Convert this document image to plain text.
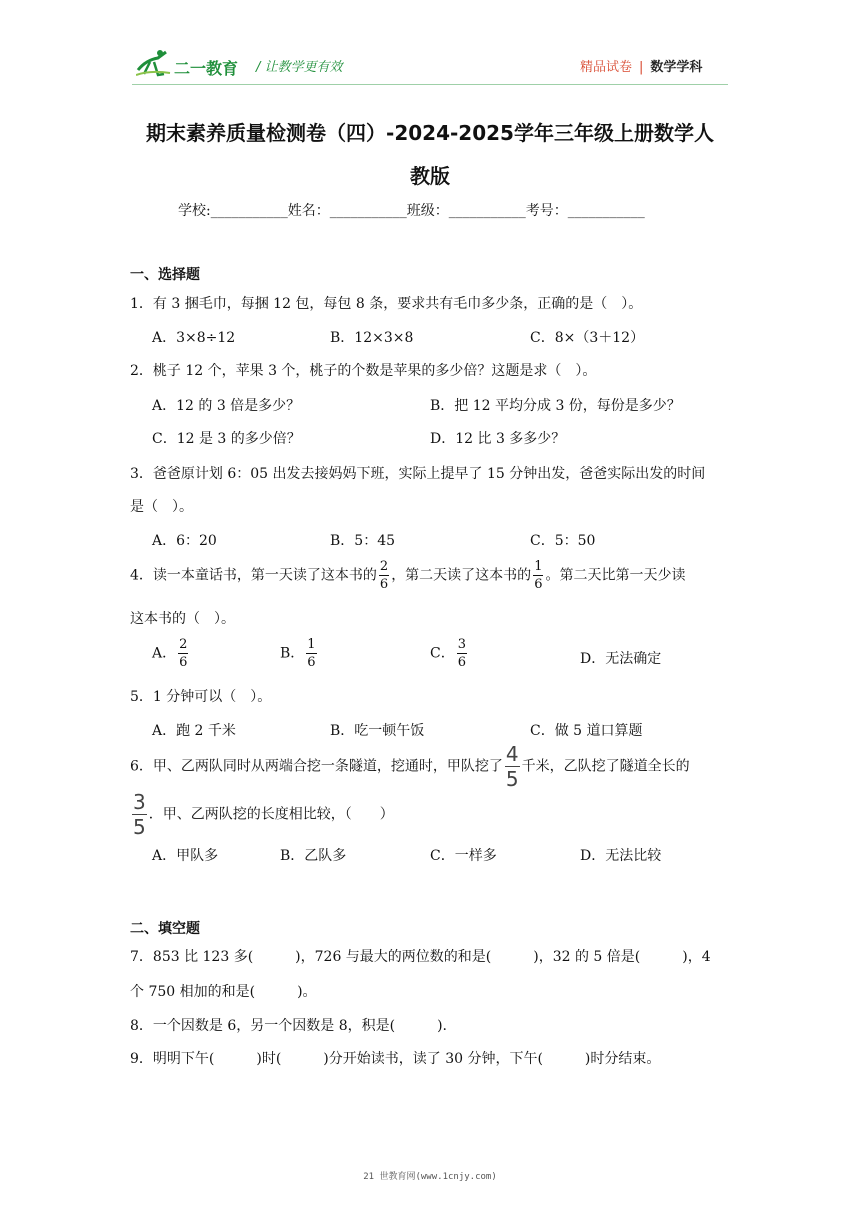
二一教育 / 让教学更有效	精品试卷 | 数学学科
期末素养质量检测卷（四）-2024-2025学年三年级上册数学人
教版
学校:___________姓名：___________班级：___________考号：___________
一、选择题
1．有 3 捆毛巾，每捆 12 包，每包 8 条，要求共有毛巾多少条，正确的是（　）。
A．3×8÷12	B．12×3×8	C．8×（3＋12）
2．桃子 12 个，苹果 3 个，桃子的个数是苹果的多少倍？这题是求（　）。
A．12 的 3 倍是多少？	B．把 12 平均分成 3 份，每份是多少？
C．12 是 3 的多少倍？	D．12 比 3 多多少？
3．爸爸原计划 6：05 出发去接妈妈下班，实际上提早了 15 分钟出发，爸爸实际出发的时间
是（　）。
A．6：20	B．5：45	C．5：50
4．读一本童话书，第一天读了这本书的 $\frac{2}{6}$ ，第二天读了这本书的 $\frac{1}{6}$ 。第二天比第一天少读
这本书的（　）。
A． $\frac{2}{6}$	B． $\frac{1}{6}$	C． $\frac{3}{6}$	D．无法确定
5．1 分钟可以（　）。
A．跑 2 千米	B．吃一顿午饭	C．做 5 道口算题
6．甲、乙两队同时从两端合挖一条隧道，挖通时，甲队挖了 $\frac{4}{5}$ 千米，乙队挖了隧道全长的
$\frac{3}{5}$ ．甲、乙两队挖的长度相比较，（　　）
A．甲队多	B．乙队多	C．一样多	D．无法比较
二、填空题
7．853 比 123 多(　　　)，726 与最大的两位数的和是(　　　)，32 的 5 倍是(　　　)，4
个 750 相加的和是(　　　)。
8．一个因数是 6，另一个因数是 8，积是(　　　).
9．明明下午(　　　)时(　　　)分开始读书，读了 30 分钟，下午(　　　)时分结束。
21 世教育网(www.1cnjy.com)
